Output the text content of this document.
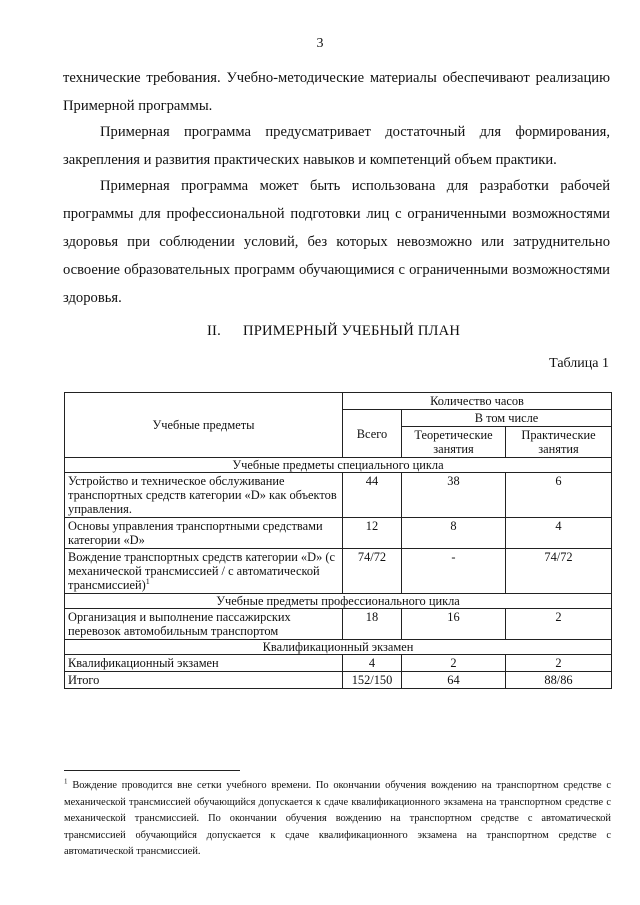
3

технические требования. Учебно-методические материалы обеспечивают реализацию Примерной программы.

Примерная программа предусматривает достаточный для формирования, закрепления и развития практических навыков и компетенций объем практики.

Примерная программа может быть использована для разработки рабочей программы для профессиональной подготовки лиц с ограниченными возможностями здоровья при соблюдении условий, без которых невозможно или затруднительно освоение образовательных программ обучающимися с ограниченными возможностями здоровья.

II. ПРИМЕРНЫЙ УЧЕБНЫЙ ПЛАН
Таблица 1
Учебные предметы	Количество часов		
	Всего	В том числе	
		Теоретические занятия	Практические занятия
Учебные предметы специального цикла			
Устройство и техническое обслуживание транспортных средств категории «D» как объектов управления.	44	38	6
Основы управления транспортными средствами категории «D»	12	8	4
Вождение транспортных средств категории «D» (с механической трансмиссией / с автоматической трансмиссией)$^1$	74/72	-	74/72
Учебные предметы профессионального цикла			
Организация и выполнение пассажирских перевозок автомобильным транспортом	18	16	2
Квалификационный экзамен			
Квалификационный экзамен	4	2	2
Итого	152/150	64	88/86
$^1$ Вождение проводится вне сетки учебного времени. По окончании обучения вождению на транспортном средстве с механической трансмиссией обучающийся допускается к сдаче квалификационного экзамена на транспортном средстве с механической трансмиссией. По окончании обучения вождению на транспортном средстве с автоматической трансмиссией обучающийся допускается к сдаче квалификационного экзамена на транспортном средстве с автоматической трансмиссией.
